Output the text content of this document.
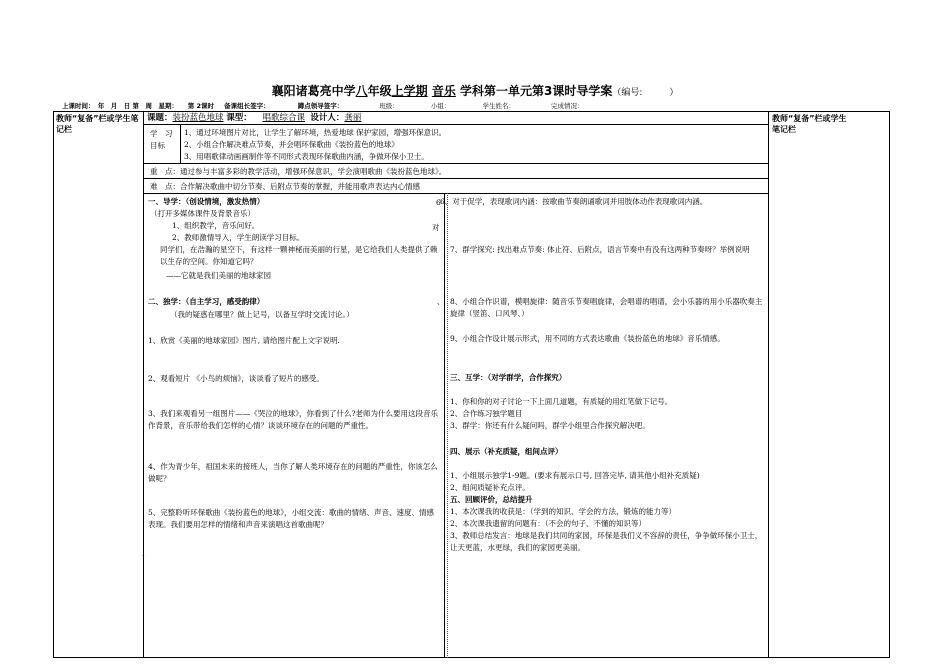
襄阳诸葛亮中学八年级上学期 音乐 学科第一单元第3课时导学案（编号:　　　）
上课时间：　年　月　日 第　周　星期：　　第 2课时 备课组长签字：	蹲点领导签字：	班级：	小组：	学生姓名：	完成情况：
教师“复备”栏或学生笔记栏
教师“复备”栏或学生笔记栏
课题：装扮蓝色地球 课型： 唱歌综合课 设计人：龚丽
学　习
目标
1、通过环境图片对比，让学生了解环境，热爱地球 保护家园，增强环保意识。
2、小组合作解决难点节奏，并会唱环保歌曲《装扮蓝色的地球》
3、用唱歌律动画画制作等不同形式表现环保歌曲内涵，争做环保小卫士。
重　点：通过参与丰富多彩的教学活动，增强环保意识，学会演唱歌曲《装扮蓝色地球》。
难　点：合作解决歌曲中切分节奏、后附点节奏的掌握，并能用歌声表达内心情感
一、导学：（创设情境，激发热情）
（打开多媒体课件及背景音乐）
1、组织教学，音乐问好。
2、教师激情导入，学生朗读学习目标。
同学们，在浩瀚的星空下，有这样一颗神秘而美丽的行星，是它给我们人类提供了赖以生存的空间。你知道它吗？
——它就是我们美丽的地球家园
二、独学：（自主学习，感受韵律）
（我的疑惑在哪里？做上记号，以备互学时交流讨论。）
1、欣赏《美丽的地球家园》图片, 请给图片配上文字说明.
2、观看短片 《小鸟的烦恼》，谈谈看了短片的感受。
3、我们来观看另一组图片——《哭泣的地球》，你看到了什么?老师为什么要用这段音乐作背景，音乐带给我们怎样的心情？谈谈环境存在的问题的严重性。
4、作为青少年，祖国未来的接班人，当你了解人类环境存在的问题的严重性，你该怎么做呢？
5、完整聆听环保歌曲《装扮蓝色的地球》，小组交流：歌曲的情绪、声音、速度、情感表现。我们要用怎样的情绪和声音来演唱这首歌曲呢？
6
对
、
、
6、对于促学，表现歌词内涵：按歌曲节奏朗诵歌词并用肢体动作表现歌词内涵。
7、群学探究: 找出难点节奏: 体止符、后附点，语言节奏中有没有这两种节奏呀？举例说明
8、小组合作识谱，模唱旋律：随音乐节奏唱旋律，会唱谱的唱谱，会小乐器的用小乐器吹奏主旋律（竖笛、口风琴、）
9、小组合作设计展示形式，用不同的方式表达歌曲《装扮蓝色的地球》音乐情感。
三、互学：（对学群学，合作探究）
1、你和你的对子讨论一下上面几道题，有质疑的用红笔做下记号。
2、合作练习独学题目
3、群学：你还有什么疑问吗，群学小组里合作探究解决吧。
四、展示（补充质疑，组间点评）
1、小组展示独学1-9题。(要求有展示口号, 回答完毕, 请其他小组补充质疑)
2、组间质疑补充点评。
五、回顾评价，总结提升
1、本次课我的收获是：（学到的知识、学会的方法、锻炼的能力等）
2、本次课我遗留的问题有：（不会的句子、不懂的知识等）
3、教师总结发言：地球是我们共同的家园，环保是我们义不容辞的责任，争争做环保小卫士，让天更蓝，水更绿，我们的家园更美丽。
